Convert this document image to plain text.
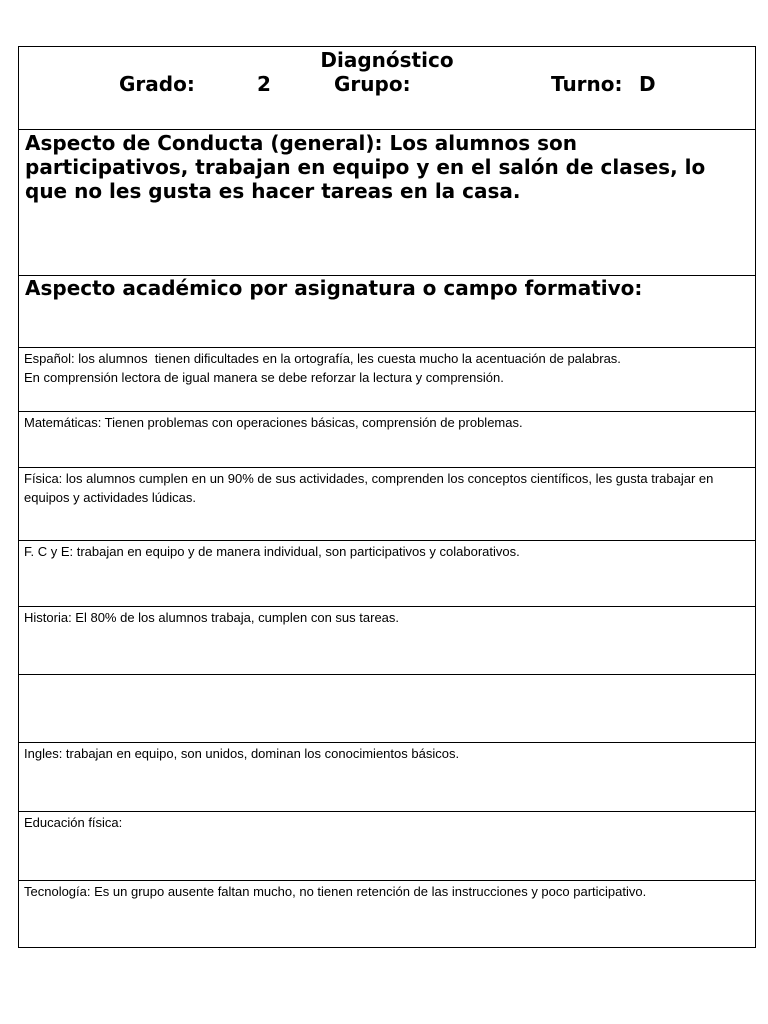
Diagnóstico
Grado:	2	Grupo:	Turno: D
Aspecto de Conducta (general): Los alumnos son participativos, trabajan en equipo y en el salón de clases, lo que no les gusta es hacer tareas en la casa.
Aspecto académico por asignatura o campo formativo:
Español: los alumnos  tienen dificultades en la ortografía, les cuesta mucho la acentuación de palabras.
En comprensión lectora de igual manera se debe reforzar la lectura y comprensión.
Matemáticas: Tienen problemas con operaciones básicas, comprensión de problemas.
Física: los alumnos cumplen en un 90% de sus actividades, comprenden los conceptos científicos, les gusta trabajar en equipos y actividades lúdicas.
F. C y E: trabajan en equipo y de manera individual, son participativos y colaborativos.
Historia: El 80% de los alumnos trabaja, cumplen con sus tareas.
Ingles: trabajan en equipo, son unidos, dominan los conocimientos básicos.
Educación física:
Tecnología: Es un grupo ausente faltan mucho, no tienen retención de las instrucciones y poco participativo.
